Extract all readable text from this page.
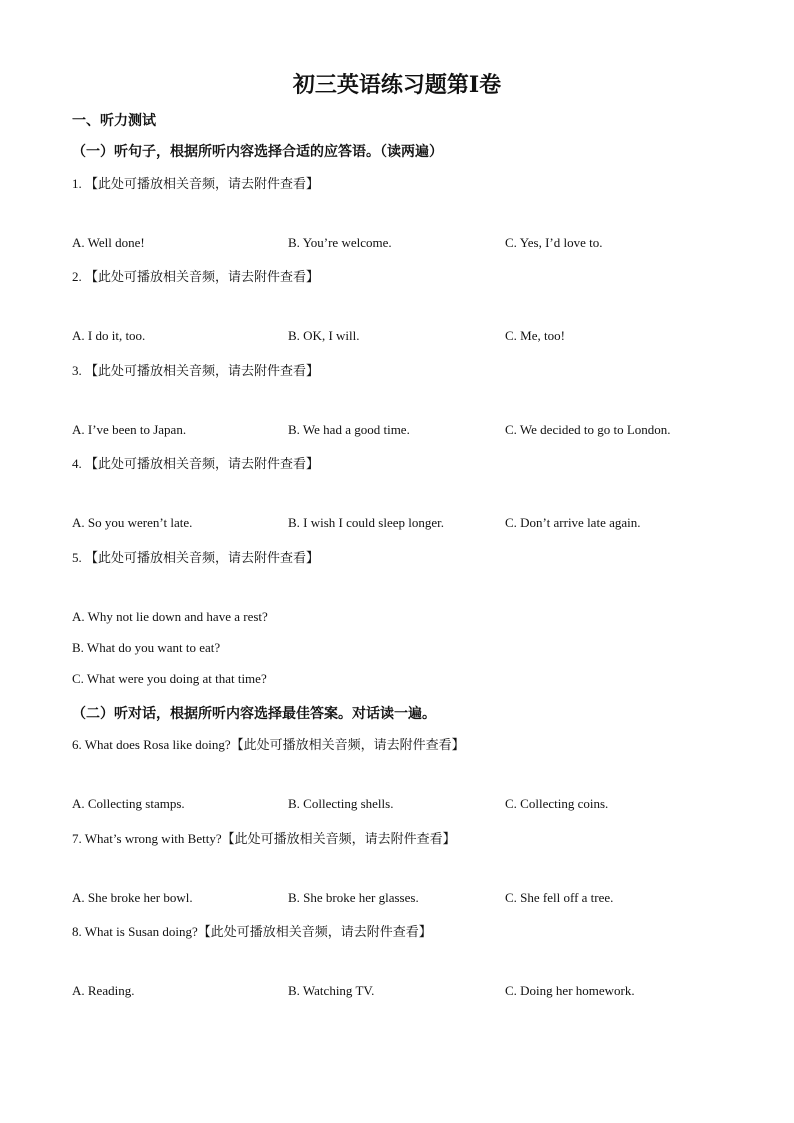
初三英语练习题第Ⅰ卷
一、听力测试
（一）听句子，根据所听内容选择合适的应答语。（读两遍）
1. 【此处可播放相关音频，请去附件查看】
A. Well done!	B. You’re welcome.	C. Yes, I’d love to.
2. 【此处可播放相关音频，请去附件查看】
A. I do it, too.	B. OK, I will.	C. Me, too!
3. 【此处可播放相关音频，请去附件查看】
A. I’ve been to Japan.	B. We had a good time.	C. We decided to go to London.
4. 【此处可播放相关音频，请去附件查看】
A. So you weren’t late.	B. I wish I could sleep longer.	C. Don’t arrive late again.
5. 【此处可播放相关音频，请去附件查看】
A. Why not lie down and have a rest?
B. What do you want to eat?
C. What were you doing at that time?
（二）听对话，根据所听内容选择最佳答案。对话读一遍。
6. What does Rosa like doing?【此处可播放相关音频，请去附件查看】
A. Collecting stamps.	B. Collecting shells.	C. Collecting coins.
7. What’s wrong with Betty?【此处可播放相关音频，请去附件查看】
A. She broke her bowl.	B. She broke her glasses.	C. She fell off a tree.
8. What is Susan doing?【此处可播放相关音频，请去附件查看】
A. Reading.	B. Watching TV.	C. Doing her homework.
